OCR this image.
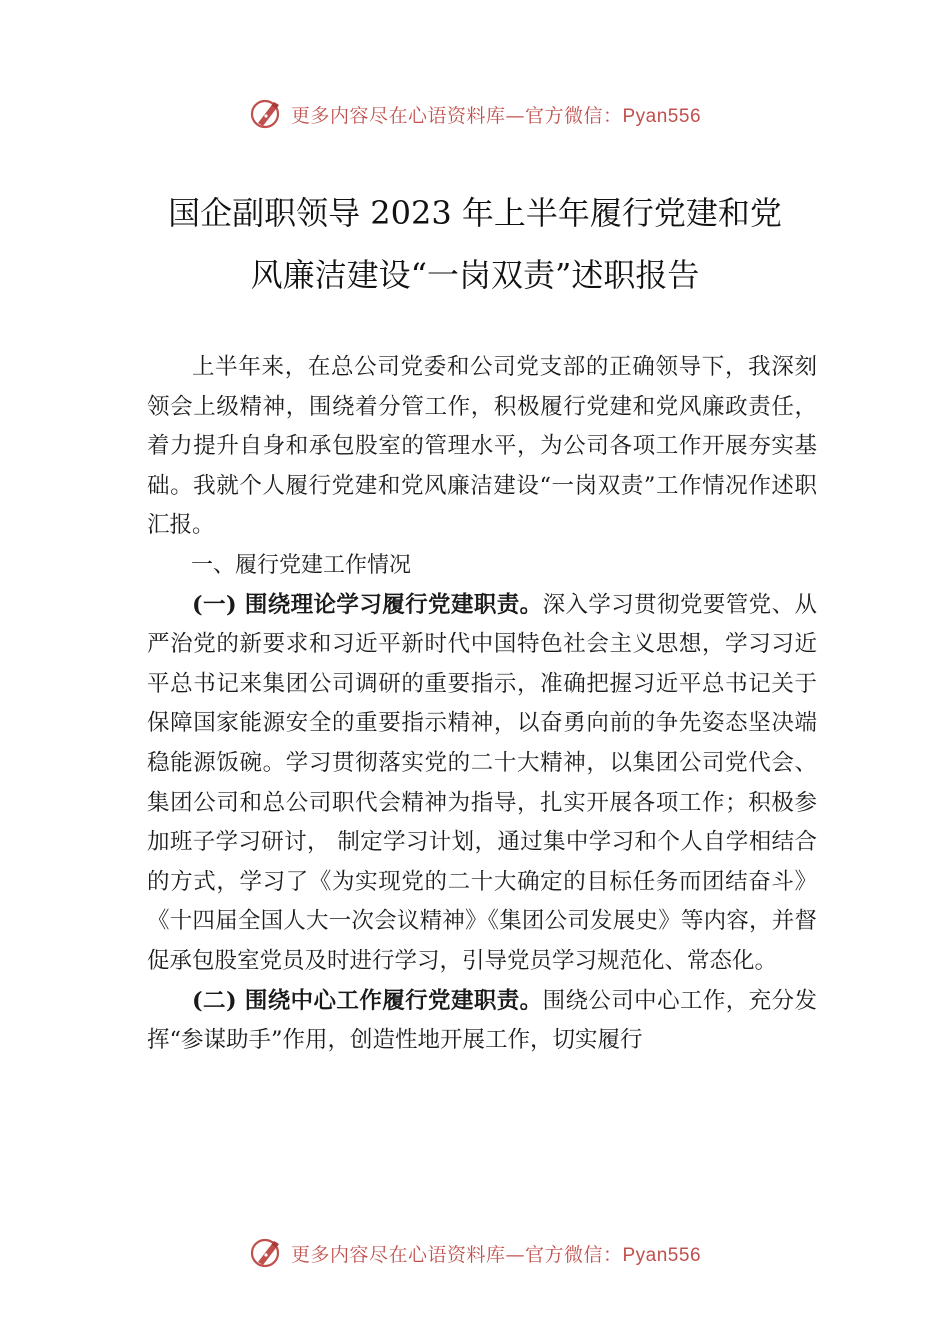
更多内容尽在心语资料库—官方微信：Pyan556
国企副职领导 2023 年上半年履行党建和党
风廉洁建设“一岗双责”述职报告

上半年来，在总公司党委和公司党支部的正确领导下，我深刻领会上级精神，围绕着分管工作，积极履行党建和党风廉政责任，着力提升自身和承包股室的管理水平，为公司各项工作开展夯实基础。我就个人履行党建和党风廉洁建设“一岗双责”工作情况作述职汇报。

一、履行党建工作情况

(一) 围绕理论学习履行党建职责。深入学习贯彻党要管党、从严治党的新要求和习近平新时代中国特色社会主义思想，学习习近平总书记来集团公司调研的重要指示，准确把握习近平总书记关于保障国家能源安全的重要指示精神，以奋勇向前的争先姿态坚决端稳能源饭碗。学习贯彻落实党的二十大精神，以集团公司党代会、集团公司和总公司职代会精神为指导，扎实开展各项工作；积极参加班子学习研讨， 制定学习计划，通过集中学习和个人自学相结合的方式，学习了《为实现党的二十大确定的目标任务而团结奋斗》《十四届全国人大一次会议精神》《集团公司发展史》等内容，并督促承包股室党员及时进行学习，引导党员学习规范化、常态化。

(二) 围绕中心工作履行党建职责。围绕公司中心工作，充分发挥“参谋助手”作用，创造性地开展工作，切实履行

更多内容尽在心语资料库—官方微信：Pyan556
